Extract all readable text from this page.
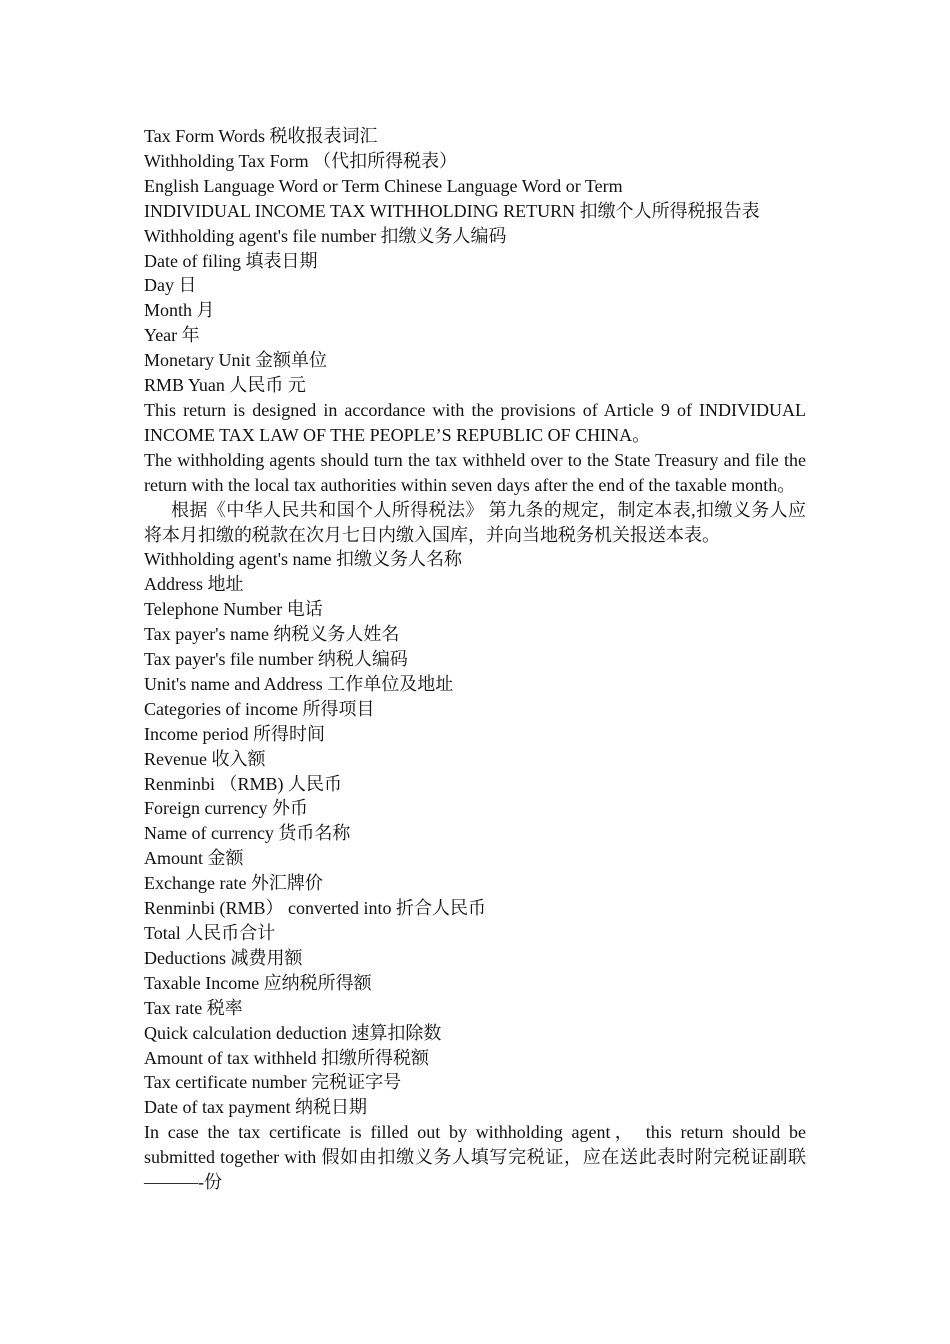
Tax Form Words 税收报表词汇
Withholding Tax Form （代扣所得税表）
English Language Word or Term Chinese Language Word or Term
INDIVIDUAL INCOME TAX WITHHOLDING RETURN 扣缴个人所得税报告表
Withholding agent's file number 扣缴义务人编码
Date of filing 填表日期
Day 日
Month 月
Year 年
Monetary Unit 金额单位
RMB Yuan 人民币 元
This return is designed in accordance with the provisions of Article 9 of INDIVIDUAL INCOME TAX LAW OF THE PEOPLE’S REPUBLIC OF CHINA。
The withholding agents should turn the tax withheld over to the State Treasury and file the return with the local tax authorities within seven days after the end of the taxable month。
根据《中华人民共和国个人所得税法》 第九条的规定，制定本表,扣缴义务人应将本月扣缴的税款在次月七日内缴入国库，并向当地税务机关报送本表。
Withholding agent's name 扣缴义务人名称
Address 地址
Telephone Number 电话
Tax payer's name 纳税义务人姓名
Tax payer's file number 纳税人编码
Unit's name and Address 工作单位及地址
Categories of income 所得项目
Income period 所得时间
Revenue 收入额
Renminbi （RMB) 人民币
Foreign currency 外币
Name of currency 货币名称
Amount 金额
Exchange rate 外汇牌价
Renminbi (RMB） converted into 折合人民币
Total 人民币合计
Deductions 减费用额
Taxable Income 应纳税所得额
Tax rate 税率
Quick calculation deduction 速算扣除数
Amount of tax withheld 扣缴所得税额
Tax certificate number 完税证字号
Date of tax payment 纳税日期
In case the tax certificate is filled out by withholding agent， this return should be submitted together with 假如由扣缴义务人填写完税证，应在送此表时附完税证副联———-份
